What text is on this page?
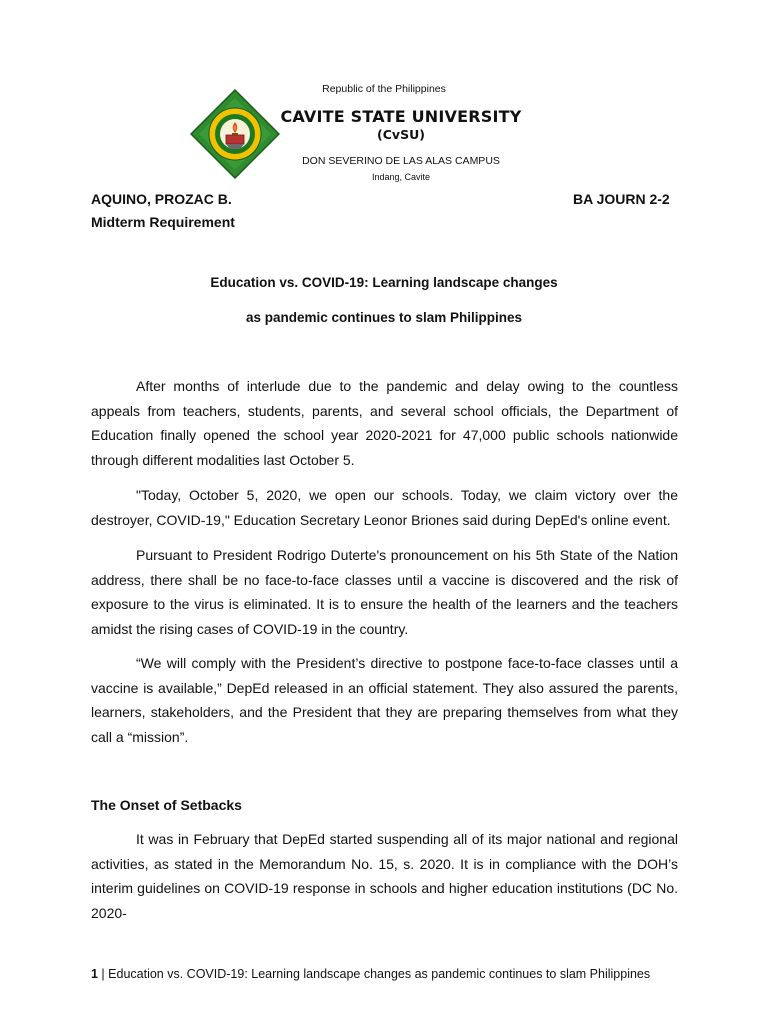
Republic of the Philippines
CAVITE STATE UNIVERSITY
(CvSU)
DON SEVERINO DE LAS ALAS CAMPUS
Indang, Cavite
AQUINO, PROZAC B.	BA JOURN 2-2
Midterm Requirement
Education vs. COVID-19: Learning landscape changes
as pandemic continues to slam Philippines

After months of interlude due to the pandemic and delay owing to the countless appeals from teachers, students, parents, and several school officials, the Department of Education finally opened the school year 2020-2021 for 47,000 public schools nationwide through different modalities last October 5.

"Today, October 5, 2020, we open our schools. Today, we claim victory over the destroyer, COVID-19," Education Secretary Leonor Briones said during DepEd's online event.

Pursuant to President Rodrigo Duterte's pronouncement on his 5th State of the Nation address, there shall be no face-to-face classes until a vaccine is discovered and the risk of exposure to the virus is eliminated. It is to ensure the health of the learners and the teachers amidst the rising cases of COVID-19 in the country.

“We will comply with the President’s directive to postpone face-to-face classes until a vaccine is available,” DepEd released in an official statement. They also assured the parents, learners, stakeholders, and the President that they are preparing themselves from what they call a “mission”.

The Onset of Setbacks

It was in February that DepEd started suspending all of its major national and regional activities, as stated in the Memorandum No. 15, s. 2020. It is in compliance with the DOH’s interim guidelines on COVID-19 response in schools and higher education institutions (DC No. 2020-

1 | Education vs. COVID-19: Learning landscape changes as pandemic continues to slam Philippines
